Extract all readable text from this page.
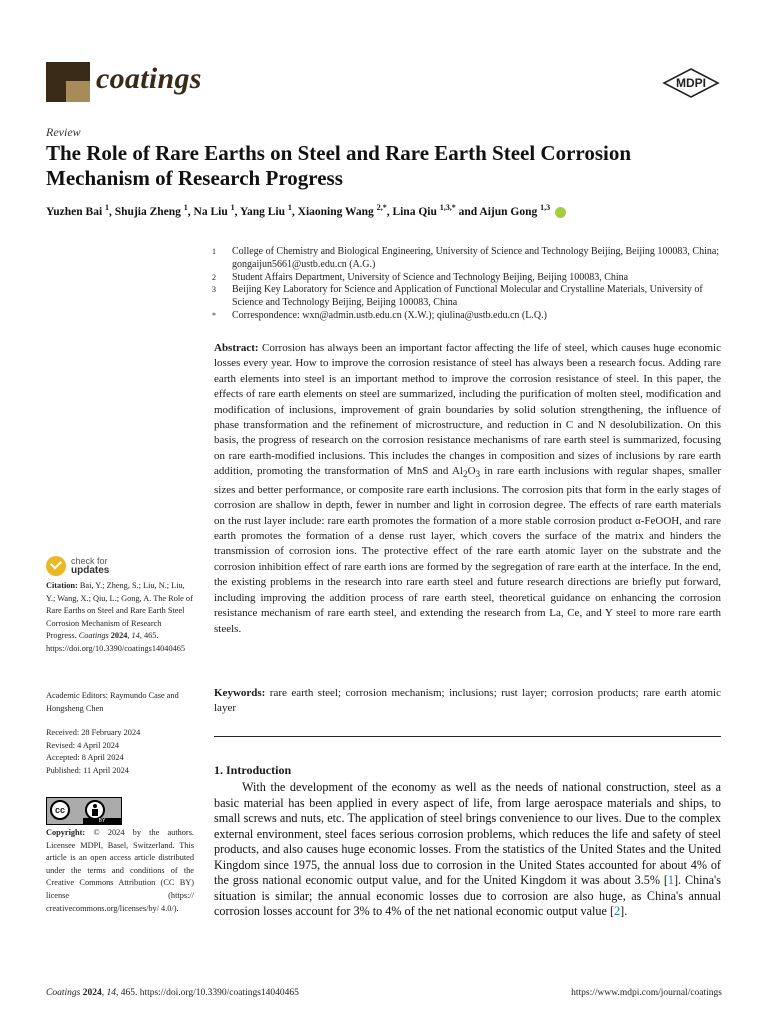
coatings	MDPI
Review
The Role of Rare Earths on Steel and Rare Earth Steel Corrosion Mechanism of Research Progress
Yuzhen Bai $^1$, Shujia Zheng $^1$, Na Liu $^1$, Yang Liu $^1$, Xiaoning Wang $^{2,*}$, Lina Qiu $^{1,3,*}$ and Aijun Gong $^{1,3}$
1	College of Chemistry and Biological Engineering, University of Science and Technology Beijing, Beijing 100083, China; gongaijun5661@ustb.edu.cn (A.G.)
2	Student Affairs Department, University of Science and Technology Beijing, Beijing 100083, China
3	Beijing Key Laboratory for Science and Application of Functional Molecular and Crystalline Materials, University of Science and Technology Beijing, Beijing 100083, China
*	Correspondence: wxn@admin.ustb.edu.cn (X.W.); qiulina@ustb.edu.cn (L.Q.)
Abstract: Corrosion has always been an important factor affecting the life of steel, which causes huge economic losses every year. How to improve the corrosion resistance of steel has always been a research focus. Adding rare earth elements into steel is an important method to improve the corrosion resistance of steel. In this paper, the effects of rare earth elements on steel are summarized, including the purification of molten steel, modification and modification of inclusions, improvement of grain boundaries by solid solution strengthening, the influence of phase transformation and the refinement of microstructure, and reduction in C and N desolubilization. On this basis, the progress of research on the corrosion resistance mechanisms of rare earth steel is summarized, focusing on rare earth-modified inclusions. This includes the changes in composition and sizes of inclusions by rare earth addition, promoting the transformation of MnS and $Al_2O_3$ in rare earth inclusions with regular shapes, smaller sizes and better performance, or composite rare earth inclusions. The corrosion pits that form in the early stages of corrosion are shallow in depth, fewer in number and light in corrosion degree. The effects of rare earth materials on the rust layer include: rare earth promotes the formation of a more stable corrosion product α-FeOOH, and rare earth promotes the formation of a dense rust layer, which covers the surface of the matrix and hinders the transmission of corrosion ions. The protective effect of the rare earth atomic layer on the substrate and the corrosion inhibition effect of rare earth ions are formed by the segregation of rare earth at the interface. In the end, the existing problems in the research into rare earth steel and future research directions are briefly put forward, including improving the addition process of rare earth steel, theoretical guidance on enhancing the corrosion resistance mechanism of rare earth steel, and extending the research from La, Ce, and Y steel to more rare earth steels.
Keywords: rare earth steel; corrosion mechanism; inclusions; rust layer; corrosion products; rare earth atomic layer
check for
updates
Citation: Bai, Y.; Zheng, S.; Liu, N.; Liu, Y.; Wang, X.; Qiu, L.; Gong, A. The Role of Rare Earths on Steel and Rare Earth Steel Corrosion Mechanism of Research Progress. Coatings 2024, 14, 465. https://doi.org/10.3390/coatings14040465
Academic Editors: Raymundo Case and Hongsheng Chen
Received: 28 February 2024
Revised: 4 April 2024
Accepted: 8 April 2024
Published: 11 April 2024
cc
BY
Copyright: © 2024 by the authors. Licensee MDPI, Basel, Switzerland. This article is an open access article distributed under the terms and conditions of the Creative Commons Attribution (CC BY) license (https:// creativecommons.org/licenses/by/ 4.0/).
1. Introduction
With the development of the economy as well as the needs of national construction, steel as a basic material has been applied in every aspect of life, from large aerospace materials and ships, to small screws and nuts, etc. The application of steel brings convenience to our lives. Due to the complex external environment, steel faces serious corrosion problems, which reduces the life and safety of steel products, and also causes huge economic losses. From the statistics of the United States and the United Kingdom since 1975, the annual loss due to corrosion in the United States accounted for about 4% of the gross national economic output value, and for the United Kingdom it was about 3.5% [1]. China's situation is similar; the annual economic losses due to corrosion are also huge, as China's annual corrosion losses account for 3% to 4% of the net national economic output value [2].
Coatings 2024, 14, 465. https://doi.org/10.3390/coatings14040465	https://www.mdpi.com/journal/coatings
